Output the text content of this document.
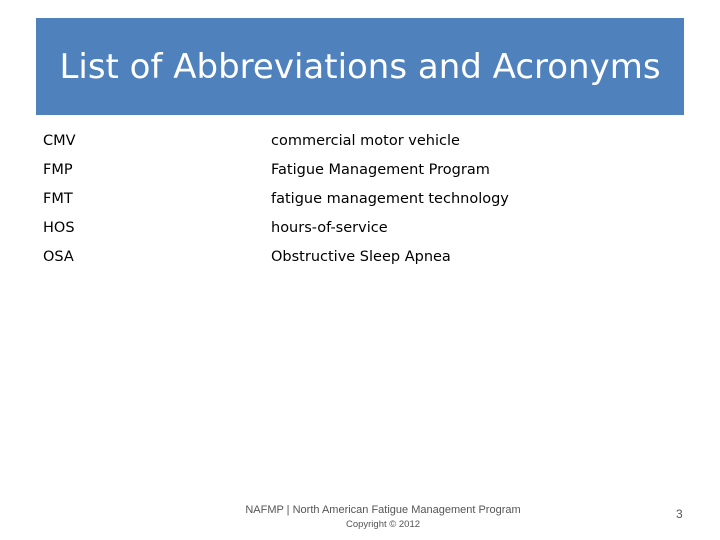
List of Abbreviations and Acronyms
CMV	commercial motor vehicle
FMP	Fatigue Management Program
FMT	fatigue management technology
HOS	hours-of-service
OSA	Obstructive Sleep Apnea
NAFMP | North American Fatigue Management Program
Copyright © 2012
3
